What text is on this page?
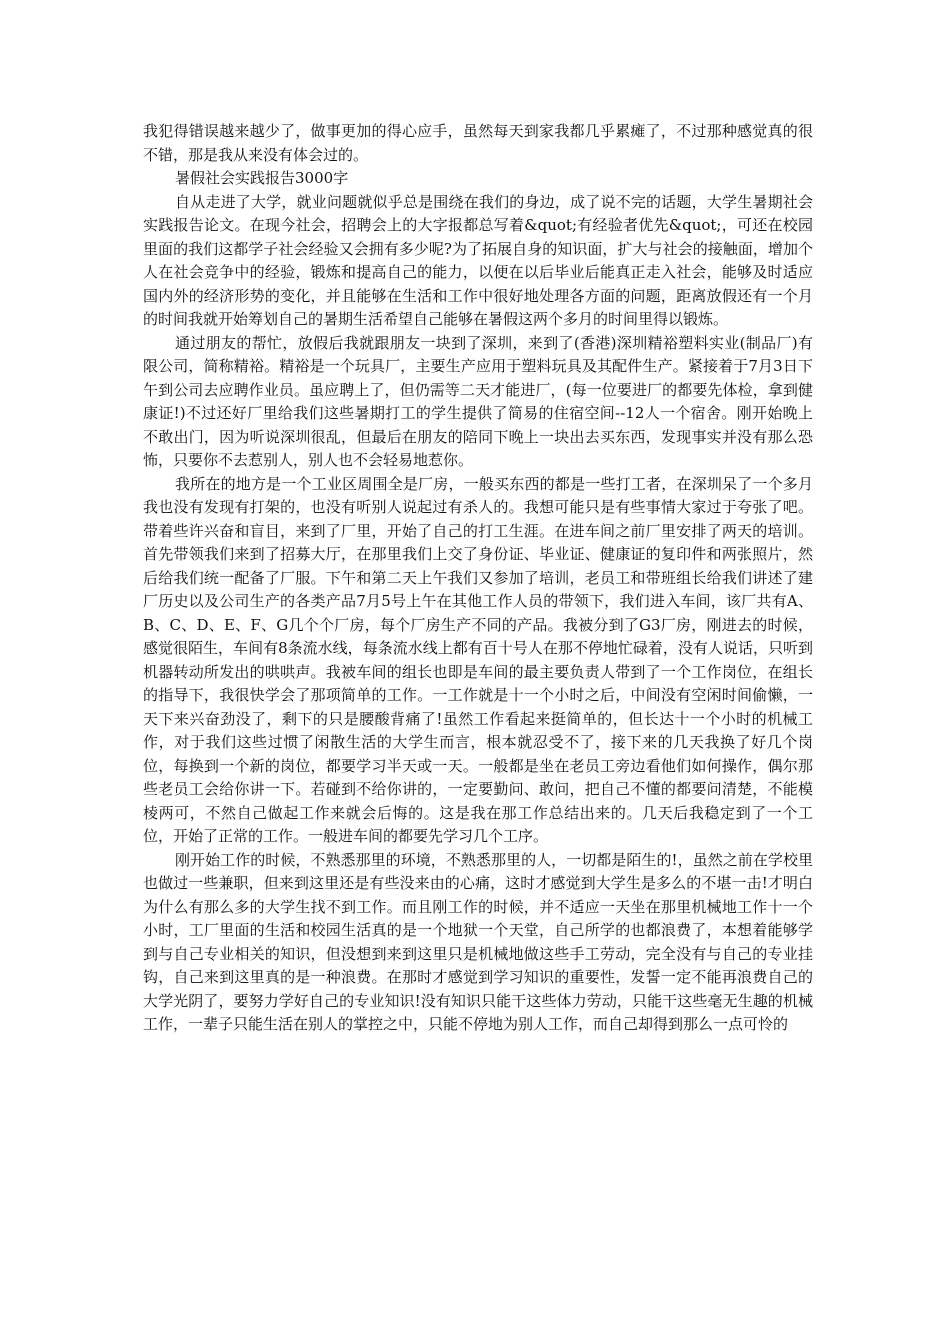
我犯得错误越来越少了，做事更加的得心应手，虽然每天到家我都几乎累瘫了，不过那种感觉真的很不错，那是我从来没有体会过的。

暑假社会实践报告3000字

自从走进了大学，就业问题就似乎总是围绕在我们的身边，成了说不完的话题，大学生暑期社会实践报告论文。在现今社会，招聘会上的大字报都总写着&quot;有经验者优先&quot;，可还在校园里面的我们这都学子社会经验又会拥有多少呢?为了拓展自身的知识面，扩大与社会的接触面，增加个人在社会竞争中的经验，锻炼和提高自己的能力，以便在以后毕业后能真正走入社会，能够及时适应国内外的经济形势的变化，并且能够在生活和工作中很好地处理各方面的问题，距离放假还有一个月的时间我就开始筹划自己的暑期生活希望自己能够在暑假这两个多月的时间里得以锻炼。

通过朋友的帮忙，放假后我就跟朋友一块到了深圳，来到了(香港)深圳精裕塑料实业(制品厂)有限公司，简称精裕。精裕是一个玩具厂，主要生产应用于塑料玩具及其配件生产。紧接着于7月3日下午到公司去应聘作业员。虽应聘上了，但仍需等二天才能进厂，(每一位要进厂的都要先体检，拿到健康证!)不过还好厂里给我们这些暑期打工的学生提供了简易的住宿空间--12人一个宿舍。刚开始晚上不敢出门，因为听说深圳很乱，但最后在朋友的陪同下晚上一块出去买东西，发现事实并没有那么恐怖，只要你不去惹别人，别人也不会轻易地惹你。

我所在的地方是一个工业区周围全是厂房，一般买东西的都是一些打工者，在深圳呆了一个多月我也没有发现有打架的，也没有听别人说起过有杀人的。我想可能只是有些事情大家过于夸张了吧。带着些许兴奋和盲目，来到了厂里，开始了自己的打工生涯。在进车间之前厂里安排了两天的培训。首先带领我们来到了招募大厅，在那里我们上交了身份证、毕业证、健康证的复印件和两张照片，然后给我们统一配备了厂服。下午和第二天上午我们又参加了培训，老员工和带班组长给我们讲述了建厂历史以及公司生产的各类产品7月5号上午在其他工作人员的带领下，我们进入车间，该厂共有A、B、C、D、E、F、G几个个厂房，每个厂房生产不同的产品。我被分到了G3厂房，刚进去的时候，感觉很陌生，车间有8条流水线，每条流水线上都有百十号人在那不停地忙碌着，没有人说话，只听到机器转动所发出的哄哄声。我被车间的组长也即是车间的最主要负责人带到了一个工作岗位，在组长的指导下，我很快学会了那项简单的工作。一工作就是十一个小时之后，中间没有空闲时间偷懒，一天下来兴奋劲没了，剩下的只是腰酸背痛了!虽然工作看起来挺简单的，但长达十一个小时的机械工作，对于我们这些过惯了闲散生活的大学生而言，根本就忍受不了，接下来的几天我换了好几个岗位，每换到一个新的岗位，都要学习半天或一天。一般都是坐在老员工旁边看他们如何操作，偶尔那些老员工会给你讲一下。若碰到不给你讲的，一定要勤问、敢问，把自己不懂的都要问清楚，不能模棱两可，不然自己做起工作来就会后悔的。这是我在那工作总结出来的。几天后我稳定到了一个工位，开始了正常的工作。一般进车间的都要先学习几个工序。

刚开始工作的时候，不熟悉那里的环境，不熟悉那里的人，一切都是陌生的!，虽然之前在学校里也做过一些兼职，但来到这里还是有些没来由的心痛，这时才感觉到大学生是多么的不堪一击!才明白为什么有那么多的大学生找不到工作。而且刚工作的时候，并不适应一天坐在那里机械地工作十一个小时，工厂里面的生活和校园生活真的是一个地狱一个天堂，自己所学的也都浪费了，本想着能够学到与自己专业相关的知识，但没想到来到这里只是机械地做这些手工劳动，完全没有与自己的专业挂钩，自己来到这里真的是一种浪费。在那时才感觉到学习知识的重要性，发誓一定不能再浪费自己的大学光阴了，要努力学好自己的专业知识!没有知识只能干这些体力劳动，只能干这些毫无生趣的机械工作，一辈子只能生活在别人的掌控之中，只能不停地为别人工作，而自己却得到那么一点可怜的
